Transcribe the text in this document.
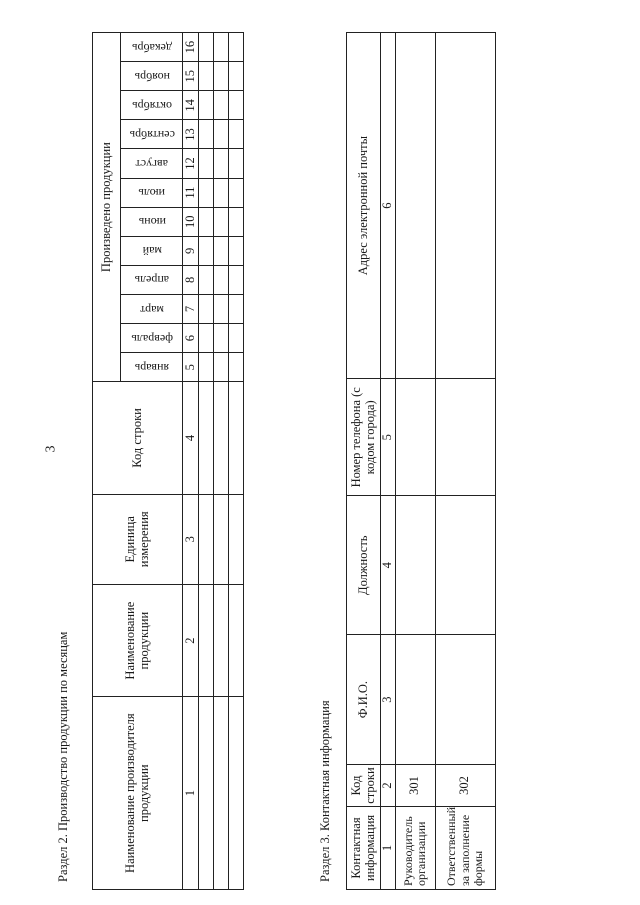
3
Раздел 2. Производство продукции по месяцам	Наименование производителя продукции	Наименование продукции	Единица измерения	Код строки	Произведено продукции											
				январь	февраль	март	апрель	май	июнь	июль	август	сентябрь	октябрь	ноябрь	декабрь
1	2	3	4	5	6	7	8	9	10	11	12	13	14	15	16

Раздел 3. Контактная информация Контактная информация	Код строки	Ф.И.О.	Должность	Номер телефона (с кодом города)	Адрес электронной почты
1	2	3	4	5	6
Руководитель организации	301				
Ответственный за заполнение формы	302				
